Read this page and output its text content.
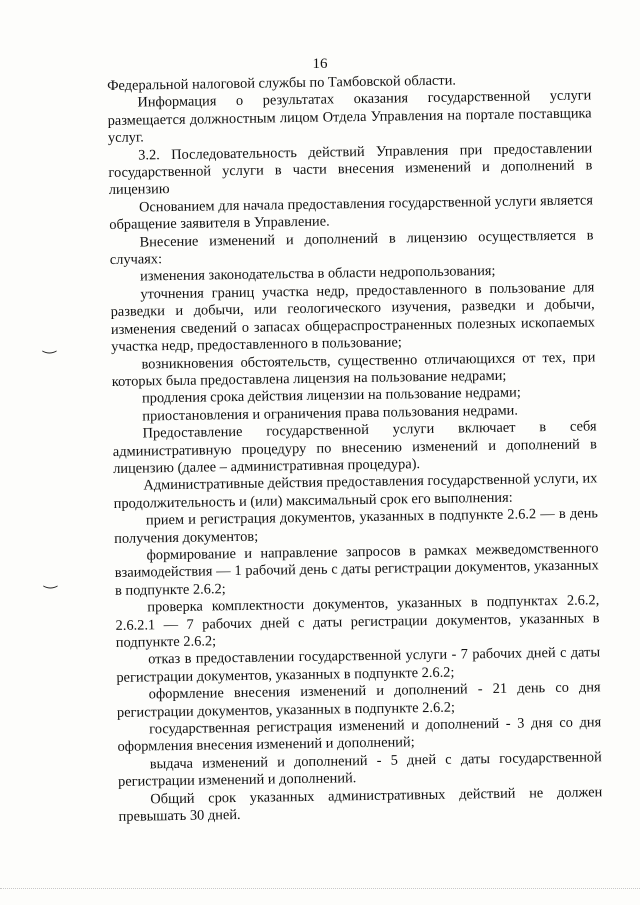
16

Федеральной налоговой службы по Тамбовской области.

Информация о результатах оказания государственной услуги размещается должностным лицом Отдела Управления на портале поставщика услуг.

3.2. Последовательность действий Управления при предоставлении государственной услуги в части внесения изменений и дополнений в лицензию

Основанием для начала предоставления государственной услуги является обращение заявителя в Управление.

Внесение изменений и дополнений в лицензию осуществляется в случаях:

изменения законодательства в области недропользования;

уточнения границ участка недр, предоставленного в пользование для разведки и добычи, или геологического изучения, разведки и добычи, изменения сведений о запасах общераспространенных полезных ископаемых участка недр, предоставленного в пользование;

возникновения обстоятельств, существенно отличающихся от тех, при которых была предоставлена лицензия на пользование недрами;

продления срока действия лицензии на пользование недрами;

приостановления и ограничения права пользования недрами.

Предоставление государственной услуги включает в себя административную процедуру по внесению изменений и дополнений в лицензию (далее – административная процедура).

Административные действия предоставления государственной услуги, их продолжительность и (или) максимальный срок его выполнения:

прием и регистрация документов, указанных в подпункте 2.6.2 — в день получения документов;

формирование и направление запросов в рамках межведомственного взаимодействия — 1 рабочий день с даты регистрации документов, указанных в подпункте 2.6.2;

проверка комплектности документов, указанных в подпунктах 2.6.2, 2.6.2.1 — 7 рабочих дней с даты регистрации документов, указанных в подпункте 2.6.2;

отказ в предоставлении государственной услуги - 7 рабочих дней с даты регистрации документов, указанных в подпункте 2.6.2;

оформление внесения изменений и дополнений - 21 день со дня регистрации документов, указанных в подпункте 2.6.2;

государственная регистрация изменений и дополнений - 3 дня со дня оформления внесения изменений и дополнений;

выдача изменений и дополнений - 5 дней с даты государственной регистрации изменений и дополнений.

Общий срок указанных административных действий не должен превышать 30 дней.

‿
‿
